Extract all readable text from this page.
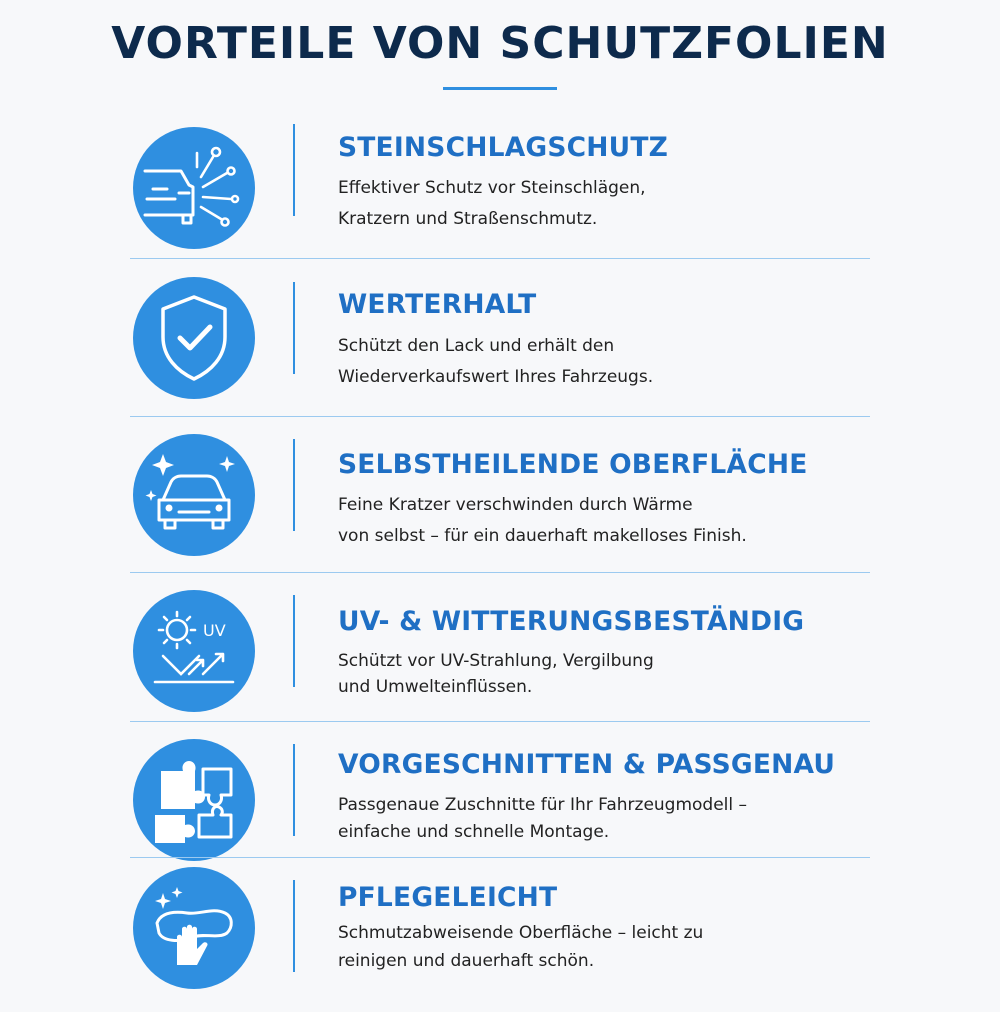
VORTEILE VON SCHUTZFOLIEN
STEINSCHLAGSCHUTZ
Effektiver Schutz vor Steinschlägen,
Kratzern und Straßenschmutz.
WERTERHALT
Schützt den Lack und erhält den
Wiederverkaufswert Ihres Fahrzeugs.
SELBSTHEILENDE OBERFLÄCHE
Feine Kratzer verschwinden durch Wärme
von selbst – für ein dauerhaft makelloses Finish.
UV	UV- & WITTERUNGSBESTÄNDIG
Schützt vor UV-Strahlung, Vergilbung
und Umwelteinflüssen.
VORGESCHNITTEN & PASSGENAU
Passgenaue Zuschnitte für Ihr Fahrzeugmodell –
einfache und schnelle Montage.
PFLEGELEICHT
Schmutzabweisende Oberfläche – leicht zu
reinigen und dauerhaft schön.
